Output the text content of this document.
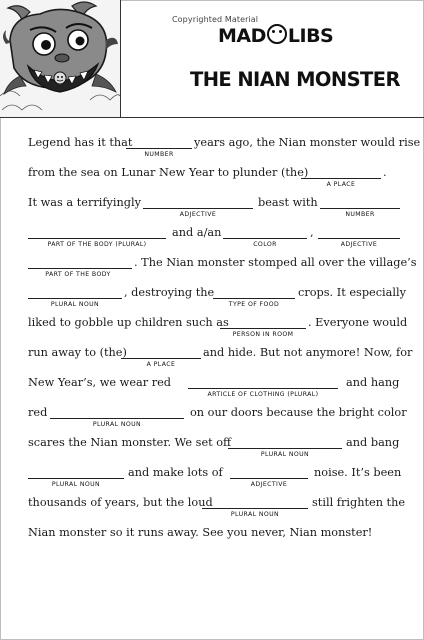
Copyrighted Material
MAD LIBS
THE NIAN MONSTER
Legend has it that
NUMBER
years ago, the Nian monster would rise
from the sea on Lunar New Year to plunder (the)
A PLACE
.
It was a terrifyingly
ADJECTIVE
beast with
NUMBER
PART OF THE BODY (PLURAL)
and a/an
COLOR
,
ADJECTIVE
PART OF THE BODY
. The Nian monster stomped all over the village’s
PLURAL NOUN
, destroying the
TYPE OF FOOD
crops. It especially
liked to gobble up children such as
PERSON IN ROOM
. Everyone would
run away to (the)
A PLACE
and hide. But not anymore! Now, for
New Year’s, we wear red
ARTICLE OF CLOTHING (PLURAL)
and hang
red
PLURAL NOUN
on our doors because the bright color
scares the Nian monster. We set off
PLURAL NOUN
and bang
PLURAL NOUN
and make lots of
ADJECTIVE
noise. It’s been
thousands of years, but the loud
PLURAL NOUN
still frighten the
Nian monster so it runs away. See you never, Nian monster!
